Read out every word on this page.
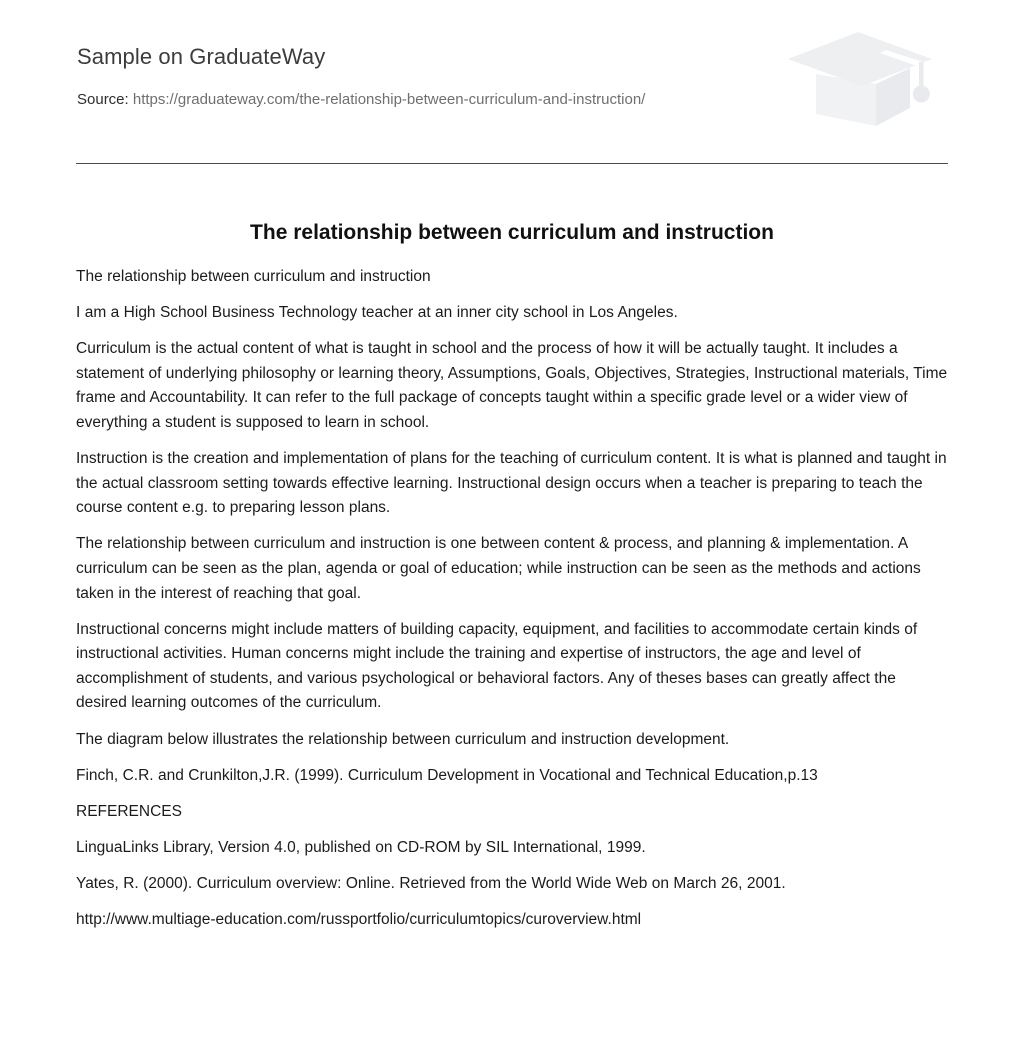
Sample on GraduateWay
Source: https://graduateway.com/the-relationship-between-curriculum-and-instruction/
The relationship between curriculum and instruction

The relationship between curriculum and instruction

I am a High School Business Technology teacher at an inner city school in Los Angeles.

Curriculum is the actual content of what is taught in school and the process of how it will be actually taught. It includes a statement of underlying philosophy or learning theory, Assumptions, Goals, Objectives, Strategies, Instructional materials, Time frame and Accountability. It can refer to the full package of concepts taught within a specific grade level or a wider view of everything a student is supposed to learn in school.

Instruction is the creation and implementation of plans for the teaching of curriculum content. It is what is planned and taught in the actual classroom setting towards effective learning. Instructional design occurs when a teacher is preparing to teach the course content e.g. to preparing lesson plans.

The relationship between curriculum and instruction is one between content & process, and planning & implementation. A curriculum can be seen as the plan, agenda or goal of education; while instruction can be seen as the methods and actions taken in the interest of reaching that goal.

Instructional concerns might include matters of building capacity, equipment, and facilities to accommodate certain kinds of instructional activities. Human concerns might include the training and expertise of instructors, the age and level of accomplishment of students, and various psychological or behavioral factors. Any of theses bases can greatly affect the desired learning outcomes of the curriculum.

The diagram below illustrates the relationship between curriculum and instruction development.

Finch, C.R. and Crunkilton,J.R. (1999). Curriculum Development in Vocational and Technical Education,p.13

REFERENCES

LinguaLinks Library, Version 4.0, published on CD-ROM by SIL International, 1999.

Yates, R. (2000). Curriculum overview: Online. Retrieved from the World Wide Web on March 26, 2001.

http://www.multiage-education.com/russportfolio/curriculumtopics/curoverview.html
